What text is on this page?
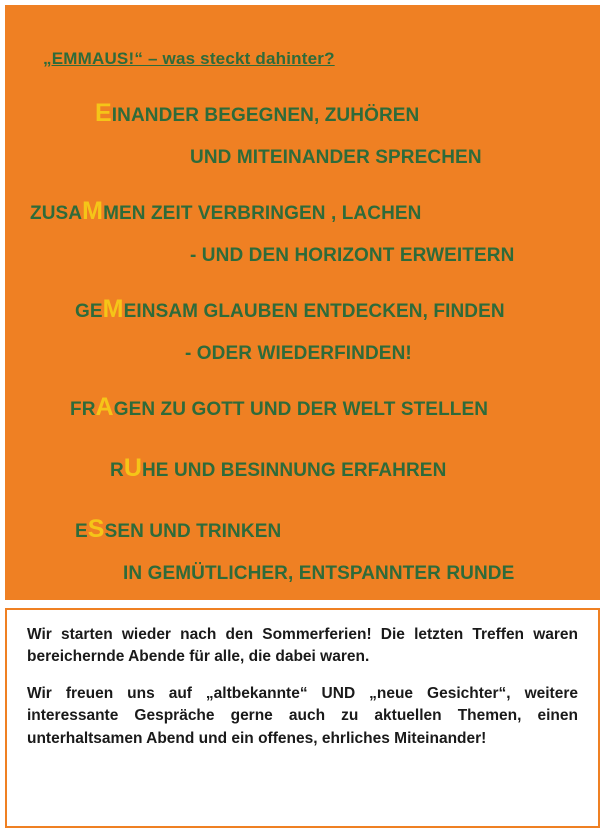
„EMMAUS!“ – was steckt dahinter?
EINANDER BEGEGNEN, ZUHÖREN
UND MITEINANDER SPRECHEN
ZUSAMMEN ZEIT VERBRINGEN , LACHEN
- UND DEN HORIZONT ERWEITERN
GEMEINSAM GLAUBEN ENTDECKEN, FINDEN
- ODER WIEDERFINDEN!
FRAGEN ZU GOTT UND DER WELT STELLEN
RUHE UND BESINNUNG ERFAHREN
ESSEN UND TRINKEN
IN GEMÜTLICHER, ENTSPANNTER RUNDE

Wir starten wieder nach den Sommerferien! Die letzten Treffen waren bereichernde Abende für alle, die dabei waren.

Wir freuen uns auf „altbekannte“ UND „neue Gesichter“, weitere interessante Gespräche gerne auch zu aktuellen Themen, einen unterhaltsamen Abend und ein offenes, ehrliches Miteinander!
